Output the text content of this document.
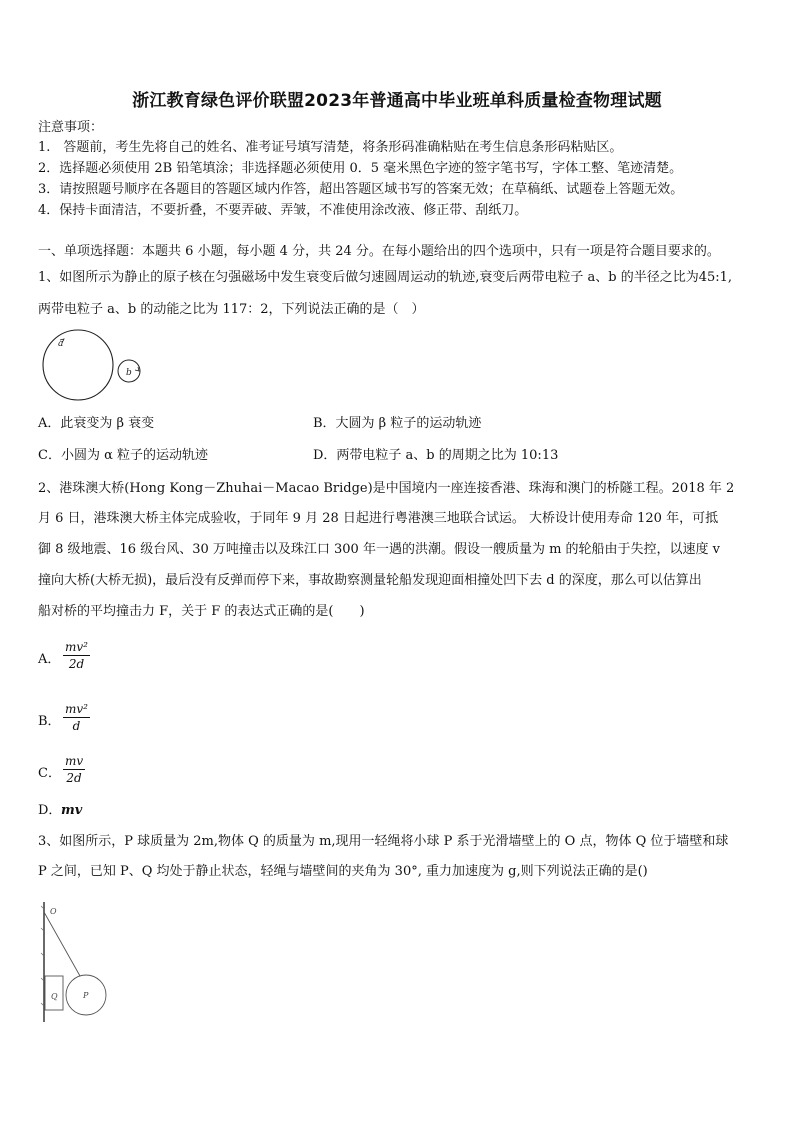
浙江教育绿色评价联盟2023年普通高中毕业班单科质量检查物理试题
注意事项：
1.　答题前，考生先将自己的姓名、准考证号填写清楚，将条形码准确粘贴在考生信息条形码粘贴区。
2．选择题必须使用 2B 铅笔填涂；非选择题必须使用 0．5 毫米黑色字迹的签字笔书写，字体工整、笔迹清楚。
3．请按照题号顺序在各题目的答题区域内作答，超出答题区域书写的答案无效；在草稿纸、试题卷上答题无效。
4．保持卡面清洁，不要折叠，不要弄破、弄皱，不准使用涂改液、修正带、刮纸刀。
一、单项选择题：本题共 6 小题，每小题 4 分，共 24 分。在每小题给出的四个选项中，只有一项是符合题目要求的。
1、如图所示为静止的原子核在匀强磁场中发生衰变后做匀速圆周运动的轨迹,衰变后两带电粒子 a、b 的半径之比为45:1,
两带电粒子 a、b 的动能之比为 117：2，下列说法正确的是（　）
a
b
A．此衰变为 β 衰变	B．大圆为 β 粒子的运动轨迹
C．小圆为 α 粒子的运动轨迹	D．两带电粒子 a、b 的周期之比为 10:13
2、港珠澳大桥(Hong Kong－Zhuhai－Macao Bridge)是中国境内一座连接香港、珠海和澳门的桥隧工程。2018 年 2
月 6 日，港珠澳大桥主体完成验收，于同年 9 月 28 日起进行粤港澳三地联合试运。 大桥设计使用寿命 120 年，可抵
御 8 级地震、16 级台风、30 万吨撞击以及珠江口 300 年一遇的洪潮。假设一艘质量为 m 的轮船由于失控，以速度 v
撞向大桥(大桥无损)，最后没有反弹而停下来，事故勘察测量轮船发现迎面相撞处凹下去 d 的深度，那么可以估算出
船对桥的平均撞击力 F，关于 F 的表达式正确的是(　　)
A． $\frac{\text{mv²}}{2d}$
B． $\frac{\text{mv²}}{d}$
C． $\frac{mv}{2d}$
D． mv
3、如图所示，P 球质量为 2m,物体 Q 的质量为 m,现用一轻绳将小球 P 系于光滑墙壁上的 O 点，物体 Q 位于墙壁和球
P 之间，已知 P、Q 均处于静止状态，轻绳与墙壁间的夹角为 30°, 重力加速度为 g,则下列说法正确的是()
O
Q	P
